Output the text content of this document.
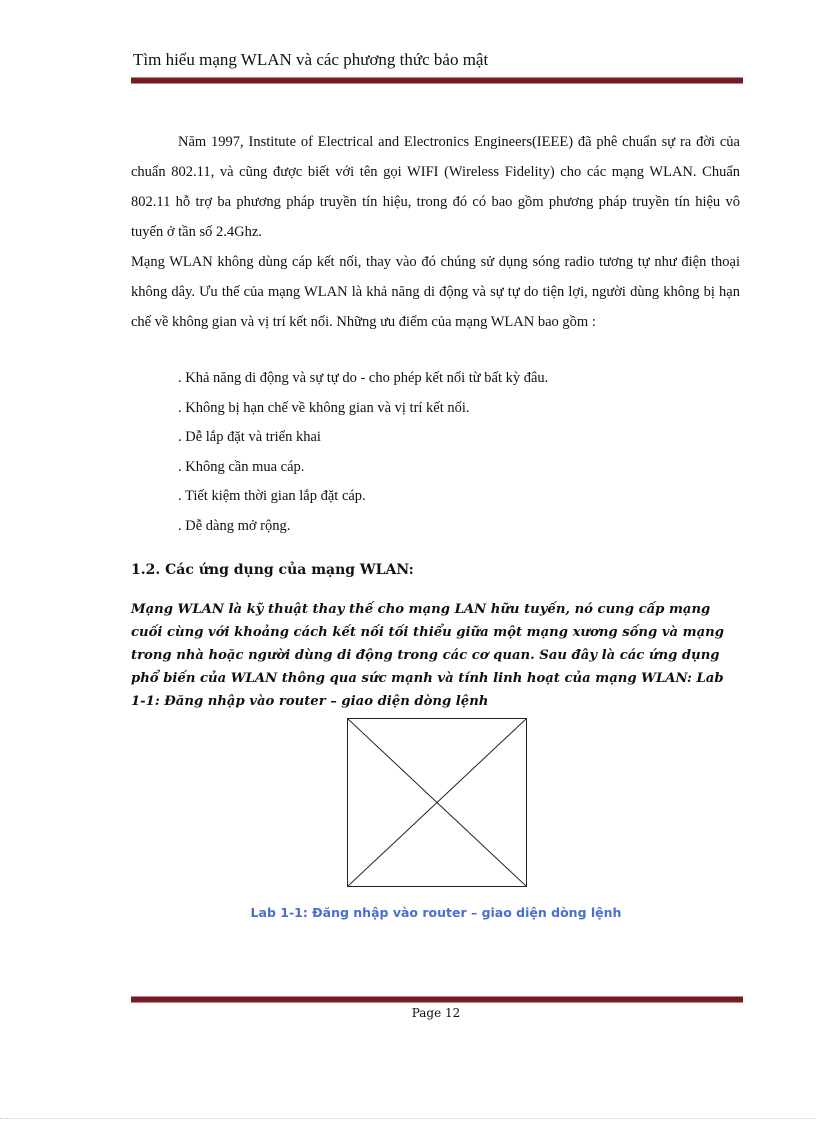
Tìm hiểu mạng WLAN và các phương thức bảo mật
Năm 1997, Institute of Electrical and Electronics Engineers(IEEE) đã phê chuẩn sự ra đời của chuẩn 802.11, và cũng được biết với tên gọi WIFI (Wireless Fidelity) cho các mạng WLAN. Chuẩn 802.11 hỗ trợ ba phương pháp truyền tín hiệu, trong đó có bao gồm phương pháp truyền tín hiệu vô tuyến ở tần số 2.4Ghz.
Mạng WLAN không dùng cáp kết nối, thay vào đó chúng sử dụng sóng radio tương tự như điện thoại không dây. Ưu thế của mạng WLAN là khả năng di động và sự tự do tiện lợi, người dùng không bị hạn chế về không gian và vị trí kết nối. Những ưu điểm của mạng WLAN bao gồm :
. Khả năng di động và sự tự do - cho phép kết nối từ bất kỳ đâu.
. Không bị hạn chế về không gian và vị trí kết nối.
. Dễ lắp đặt và triển khai
. Không cần mua cáp.
. Tiết kiệm thời gian lắp đặt cáp.
. Dễ dàng mở rộng.
1.2. Các ứng dụng của mạng WLAN:
Mạng WLAN là kỹ thuật thay thế cho mạng LAN hữu tuyến, nó cung cấp mạng cuối cùng với khoảng cách kết nối tối thiểu giữa một mạng xương sống và mạng trong nhà hoặc người dùng di động trong các cơ quan. Sau đây là các ứng dụng phổ biến của WLAN thông qua sức mạnh và tính linh hoạt của mạng WLAN: Lab 1-1: Đăng nhập vào router – giao diện dòng lệnh
Lab 1-1: Đăng nhập vào router – giao diện dòng lệnh
Page 12
